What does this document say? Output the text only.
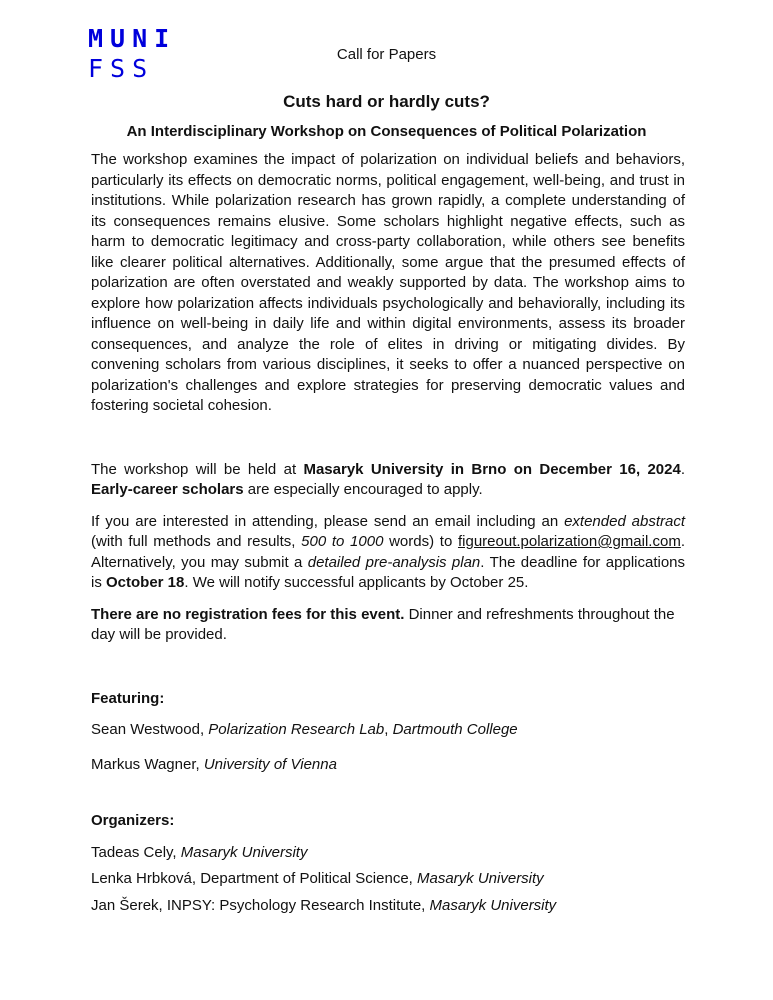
MUNI
FSS	Call for Papers
Cuts hard or hardly cuts?
An Interdisciplinary Workshop on Consequences of Political Polarization

The workshop examines the impact of polarization on individual beliefs and behaviors, particularly its effects on democratic norms, political engagement, well-being, and trust in institutions. While polarization research has grown rapidly, a complete understanding of its consequences remains elusive. Some scholars highlight negative effects, such as harm to democratic legitimacy and cross-party collaboration, while others see benefits like clearer political alternatives. Additionally, some argue that the presumed effects of polarization are often overstated and weakly supported by data. The workshop aims to explore how polarization affects individuals psychologically and behaviorally, including its influence on well-being in daily life and within digital environments, assess its broader consequences, and analyze the role of elites in driving or mitigating divides. By convening scholars from various disciplines, it seeks to offer a nuanced perspective on polarization's challenges and explore strategies for preserving democratic values and fostering societal cohesion.

The workshop will be held at Masaryk University in Brno on December 16, 2024. Early-career scholars are especially encouraged to apply.

If you are interested in attending, please send an email including an extended abstract (with full methods and results, 500 to 1000 words) to figureout.polarization@gmail.com. Alternatively, you may submit a detailed pre-analysis plan. The deadline for applications is October 18. We will notify successful applicants by October 25.

There are no registration fees for this event. Dinner and refreshments throughout the day will be provided.

Featuring:

Sean Westwood, Polarization Research Lab, Dartmouth College

Markus Wagner, University of Vienna

Organizers:

Tadeas Cely, Masaryk University

Lenka Hrbková, Department of Political Science, Masaryk University

Jan Šerek, INPSY: Psychology Research Institute, Masaryk University
